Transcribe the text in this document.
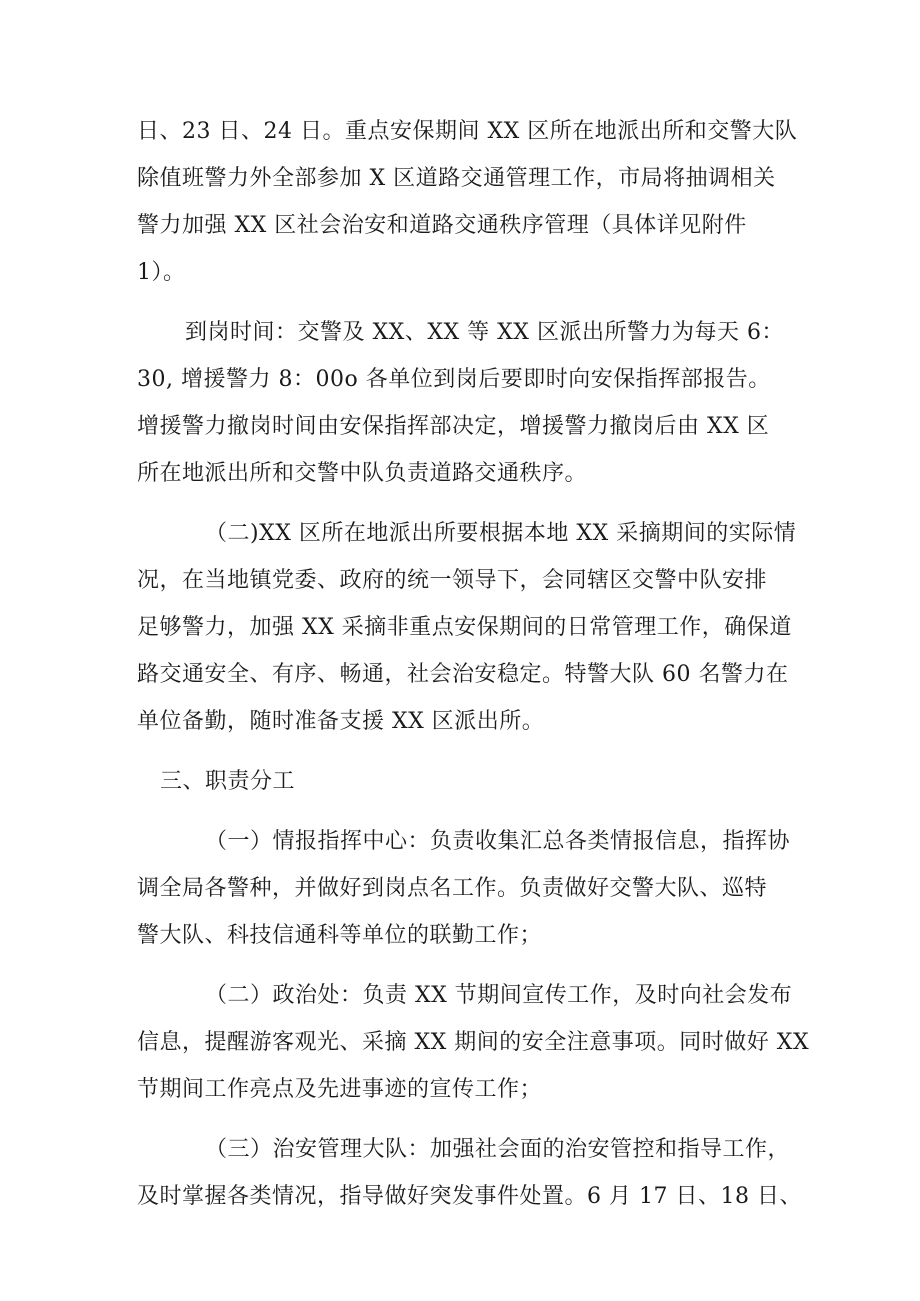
日、23 日、24 日。重点安保期间 XX 区所在地派出所和交警大队
除值班警力外全部参加 X 区道路交通管理工作，市局将抽调相关
警力加强 XX 区社会治安和道路交通秩序管理（具体详见附件
1）。
到岗时间：交警及 XX、XX 等 XX 区派出所警力为每天 6：
30, 增援警力 8：00o 各单位到岗后要即时向安保指挥部报告。
增援警力撤岗时间由安保指挥部决定，增援警力撤岗后由 XX 区
所在地派出所和交警中队负责道路交通秩序。
（二)XX 区所在地派出所要根据本地 XX 采摘期间的实际情
况，在当地镇党委、政府的统一领导下，会同辖区交警中队安排
足够警力，加强 XX 采摘非重点安保期间的日常管理工作，确保道
路交通安全、有序、畅通，社会治安稳定。特警大队 60 名警力在
单位备勤，随时准备支援 XX 区派出所。
三、职责分工
（一）情报指挥中心：负责收集汇总各类情报信息，指挥协
调全局各警种，并做好到岗点名工作。负责做好交警大队、巡特
警大队、科技信通科等单位的联勤工作；
（二）政治处：负责 XX 节期间宣传工作，及时向社会发布
信息，提醒游客观光、采摘 XX 期间的安全注意事项。同时做好 XX
节期间工作亮点及先进事迹的宣传工作；
（三）治安管理大队：加强社会面的治安管控和指导工作，
及时掌握各类情况，指导做好突发事件处置。6 月 17 日、18 日、
